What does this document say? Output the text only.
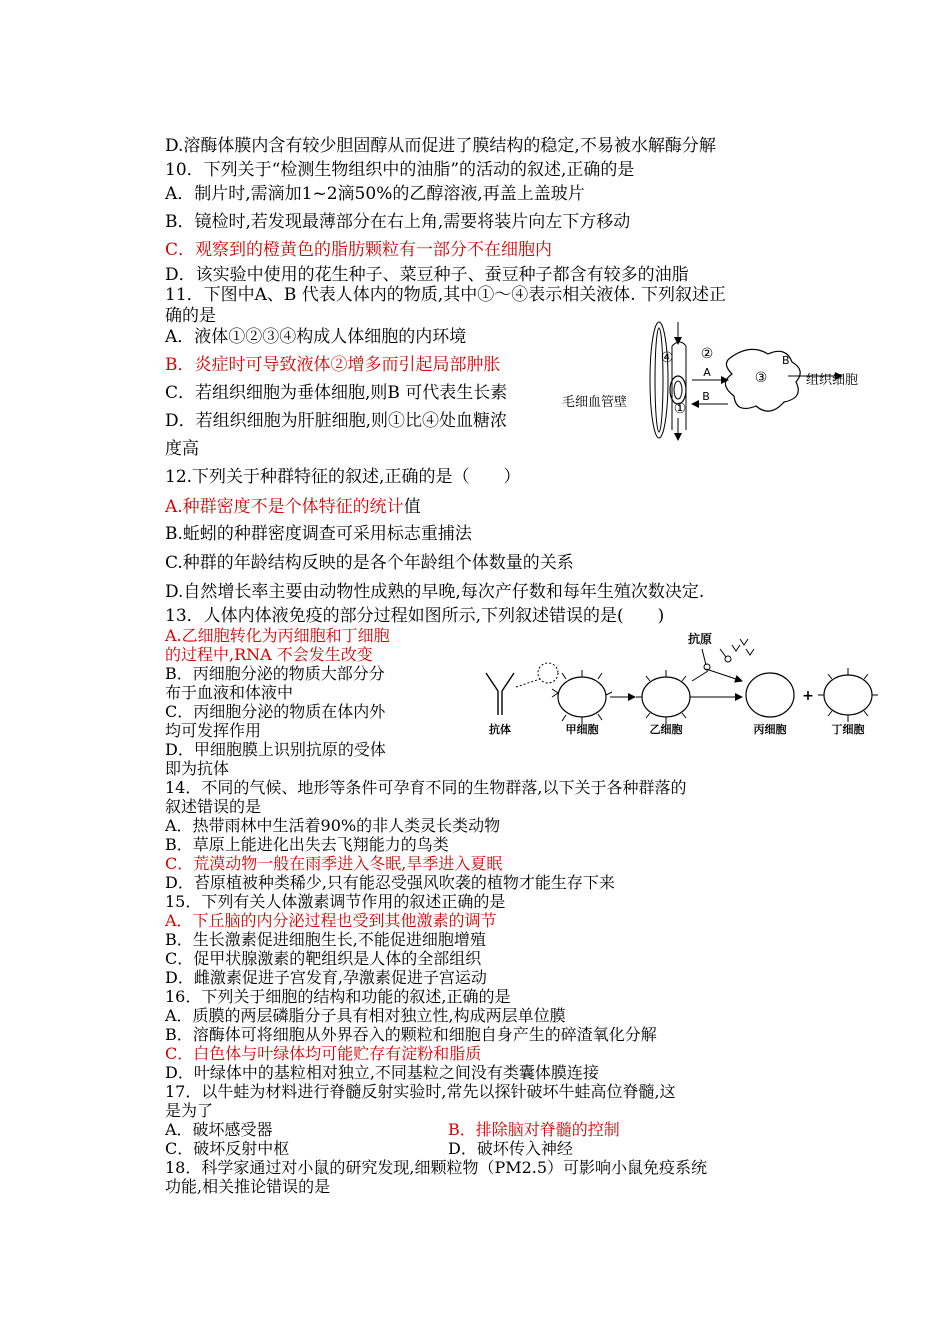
D.溶酶体膜内含有较少胆固醇从而促进了膜结构的稳定,不易被水解酶分解
10．下列关于“检测生物组织中的油脂”的活动的叙述,正确的是
A．制片时,需滴加1~2滴50%的乙醇溶液,再盖上盖玻片
B．镜检时,若发现最薄部分在右上角,需要将装片向左下方移动
C．观察到的橙黄色的脂肪颗粒有一部分不在细胞内
D．该实验中使用的花生种子、菜豆种子、蚕豆种子都含有较多的油脂
11．下图中A、B 代表人体内的物质,其中①～④表示相关液体. 下列叙述正
确的是
A．液体①②③④构成人体细胞的内环境
B．炎症时可导致液体②增多而引起局部肿胀
C．若组织细胞为垂体细胞,则B 可代表生长素
D．若组织细胞为肝脏细胞,则①比④处血糖浓
度高
12.下列关于种群特征的叙述,正确的是（　　）
A.种群密度不是个体特征的统计值
B.蚯蚓的种群密度调查可采用标志重捕法
C.种群的年龄结构反映的是各个年龄组个体数量的关系
D.自然增长率主要由动物性成熟的早晚,每次产仔数和每年生殖次数决定.
13．人体内体液免疫的部分过程如图所示,下列叙述错误的是(　　)
A.乙细胞转化为丙细胞和丁细胞
的过程中,RNA 不会发生改变
B．丙细胞分泌的物质大部分分
布于血液和体液中
C．丙细胞分泌的物质在体内外
均可发挥作用
D．甲细胞膜上识别抗原的受体
即为抗体
14．不同的气候、地形等条件可孕育不同的生物群落,以下关于各种群落的
叙述错误的是
A．热带雨林中生活着90%的非人类灵长类动物
B．草原上能进化出失去飞翔能力的鸟类
C．荒漠动物一般在雨季进入冬眠,旱季进入夏眠
D．苔原植被种类稀少,只有能忍受强风吹袭的植物才能生存下来
15．下列有关人体激素调节作用的叙述正确的是
A．下丘脑的内分泌过程也受到其他激素的调节
B．生长激素促进细胞生长,不能促进细胞增殖
C．促甲状腺激素的靶组织是人体的全部组织
D．雌激素促进子宫发育,孕激素促进子宫运动
16．下列关于细胞的结构和功能的叙述,正确的是
A．质膜的两层磷脂分子具有相对独立性,构成两层单位膜
B．溶酶体可将细胞从外界吞入的颗粒和细胞自身产生的碎渣氧化分解
C．白色体与叶绿体均可能贮存有淀粉和脂质
D．叶绿体中的基粒相对独立,不同基粒之间没有类囊体膜连接
17．以牛蛙为材料进行脊髓反射实验时,常先以探针破坏牛蛙高位脊髓,这
是为了
A．破坏感受器	B．排除脑对脊髓的控制
C．破坏反射中枢	D．破坏传入神经
18．科学家通过对小鼠的研究发现,细颗粒物（PM2.5）可影响小鼠免疫系统
功能,相关推论错误的是
④ ②
A	③
B
①
B
毛细血管壁
组织细胞
抗原
抗体	甲细胞	乙细胞	丙细胞
+
丁细胞
